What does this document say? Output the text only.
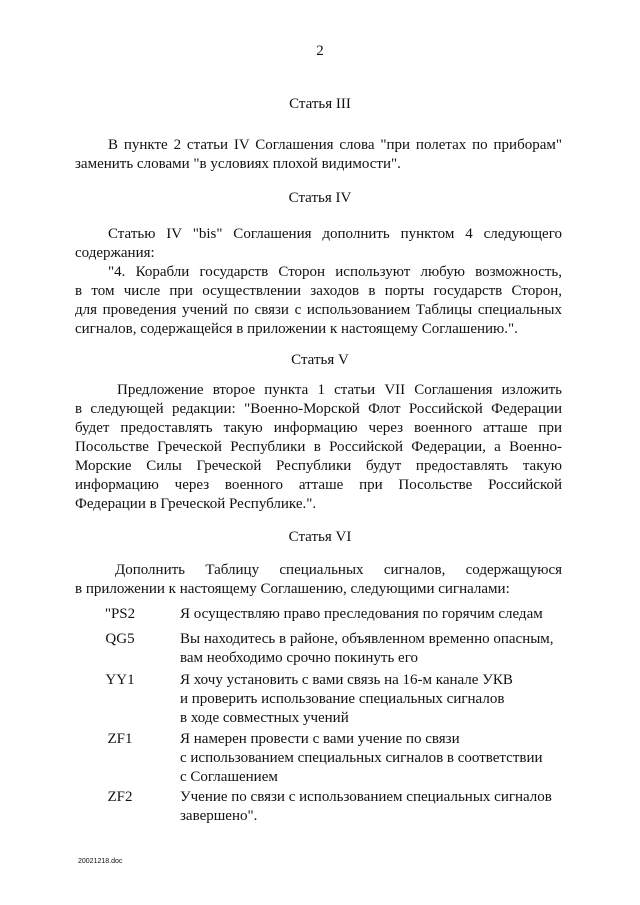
2
Статья III
В пункте 2 статьи IV Соглашения слова "при полетах по приборам"
заменить словами "в условиях плохой видимости".
Статья IV
Статью IV "bis" Соглашения дополнить пунктом 4 следующего
содержания:
"4. Корабли государств Сторон используют любую возможность,
в том числе при осуществлении заходов в порты государств Сторон,
для проведения учений по связи с использованием Таблицы специальных
сигналов, содержащейся в приложении к настоящему Соглашению.".
Статья V
Предложение второе пункта 1 статьи VII Соглашения изложить
в следующей редакции: "Военно-Морской Флот Российской Федерации
будет предоставлять такую информацию через военного атташе при
Посольстве Греческой Республики в Российской Федерации, а Военно-
Морские Силы Греческой Республики будут предоставлять такую
информацию через военного атташе при Посольстве Российской
Федерации в Греческой Республике.".
Статья VI
Дополнить Таблицу специальных сигналов, содержащуюся
в приложении к настоящему Соглашению, следующими сигналами:
"PS2	Я осуществляю право преследования по горячим следам
QG5	Вы находитесь в районе, объявленном временно опасным,
вам необходимо срочно покинуть его
YY1	Я хочу установить с вами связь на 16-м канале УКВ
и проверить использование специальных сигналов
в ходе совместных учений
ZF1	Я намерен провести с вами учение по связи
с использованием специальных сигналов в соответствии
с Соглашением
ZF2	Учение по связи с использованием специальных сигналов
завершено".
20021218.doc
